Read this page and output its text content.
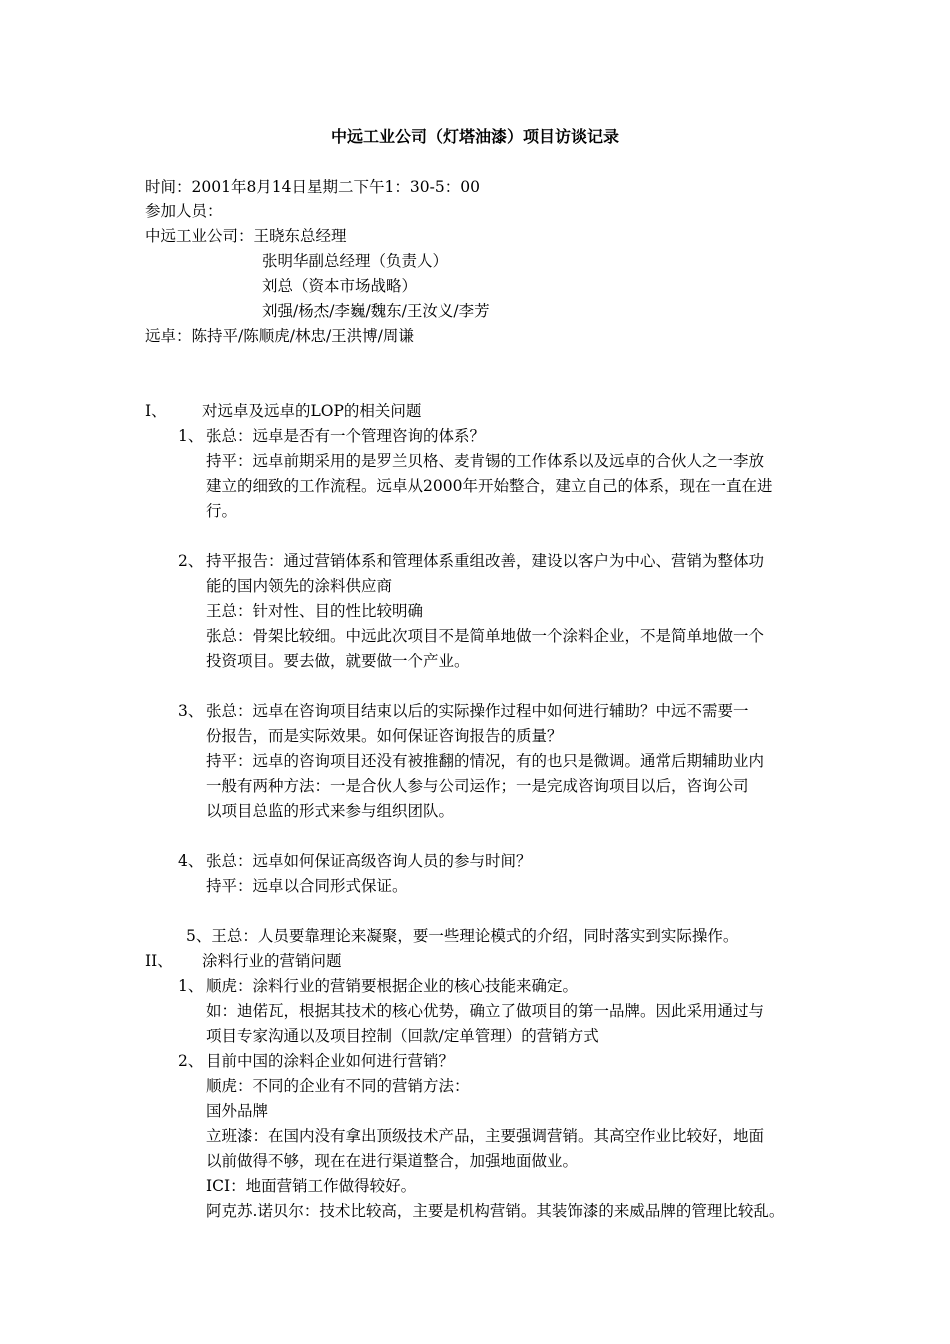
中远工业公司（灯塔油漆）项目访谈记录
时间：2001年8月14日星期二下午1：30-5：00
参加人员：
中远工业公司：王晓东总经理
张明华副总经理（负责人）
刘总（资本市场战略）
刘强/杨杰/李巍/魏东/王汝义/李芳
远卓：陈持平/陈顺虎/林忠/王洪博/周谦
I、 对远卓及远卓的LOP的相关问题
1、 张总：远卓是否有一个管理咨询的体系？
持平：远卓前期采用的是罗兰贝格、麦肯锡的工作体系以及远卓的合伙人之一李放
建立的细致的工作流程。远卓从2000年开始整合，建立自己的体系，现在一直在进
行。
2、 持平报告：通过营销体系和管理体系重组改善，建设以客户为中心、营销为整体功
能的国内领先的涂料供应商
王总：针对性、目的性比较明确
张总：骨架比较细。中远此次项目不是简单地做一个涂料企业，不是简单地做一个
投资项目。要去做，就要做一个产业。
3、 张总：远卓在咨询项目结束以后的实际操作过程中如何进行辅助？中远不需要一
份报告，而是实际效果。如何保证咨询报告的质量？
持平：远卓的咨询项目还没有被推翻的情况，有的也只是微调。通常后期辅助业内
一般有两种方法：一是合伙人参与公司运作；一是完成咨询项目以后，咨询公司
以项目总监的形式来参与组织团队。
4、 张总：远卓如何保证高级咨询人员的参与时间？
持平：远卓以合同形式保证。
5、王总：人员要靠理论来凝聚，要一些理论模式的介绍，同时落实到实际操作。
II、 涂料行业的营销问题
1、 顺虎：涂料行业的营销要根据企业的核心技能来确定。
如：迪偌瓦，根据其技术的核心优势，确立了做项目的第一品牌。因此采用通过与
项目专家沟通以及项目控制（回款/定单管理）的营销方式
2、 目前中国的涂料企业如何进行营销？
顺虎：不同的企业有不同的营销方法：
国外品牌
立班漆：在国内没有拿出顶级技术产品，主要强调营销。其高空作业比较好，地面
以前做得不够，现在在进行渠道整合，加强地面做业。
ICI：地面营销工作做得较好。
阿克苏.诺贝尔：技术比较高，主要是机构营销。其装饰漆的来威品牌的管理比较乱。
